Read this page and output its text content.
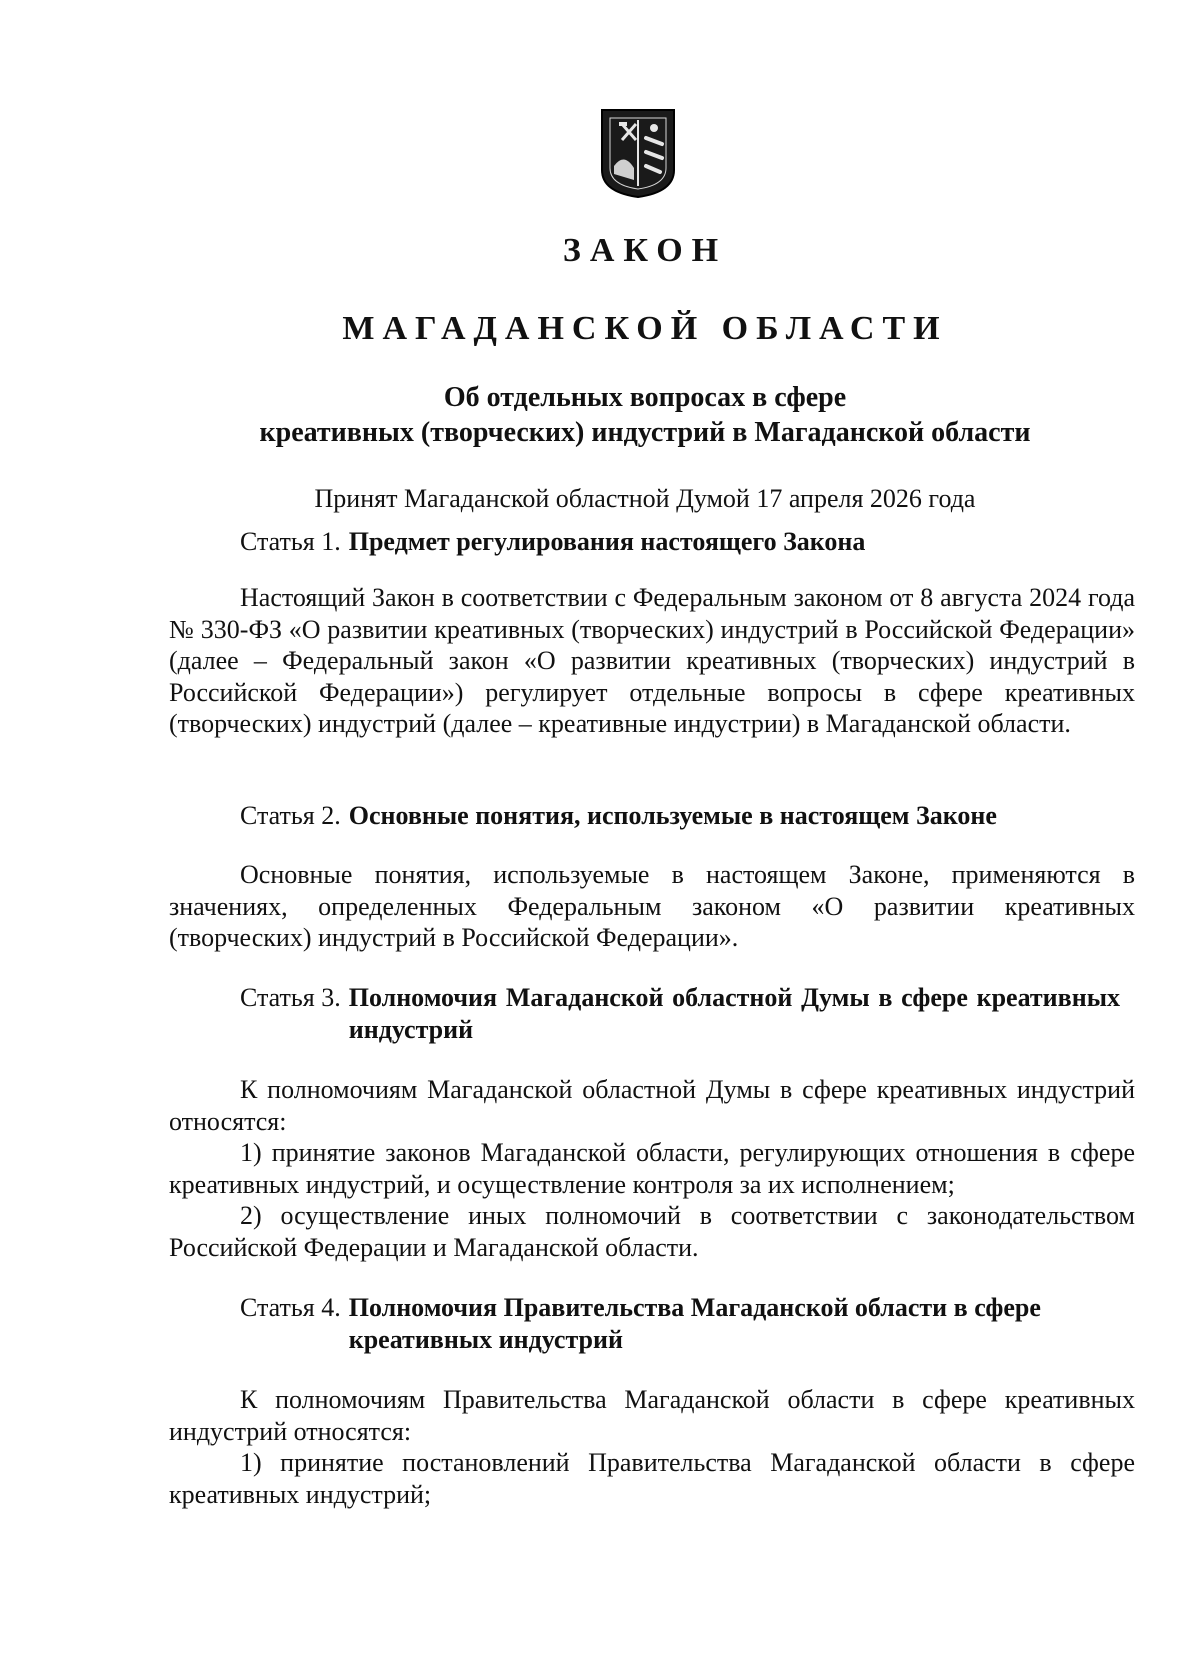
ЗАКОН
МАГАДАНСКОЙ ОБЛАСТИ
Об отдельных вопросах в сфере
креативных (творческих) индустрий в Магаданской области
Принят Магаданской областной Думой 17 апреля 2026 года
Статья 1. Предмет регулирования настоящего Закона

Настоящий Закон в соответствии с Федеральным законом от 8 августа 2024 года № 330-ФЗ «О развитии креативных (творческих) индустрий в Российской Федерации» (далее – Федеральный закон «О развитии креативных (творческих) индустрий в Российской Федерации») регулирует отдельные вопросы в сфере креативных (творческих) индустрий (далее – креативные индустрии) в Магаданской области.

Статья 2. Основные понятия, используемые в настоящем Законе

Основные понятия, используемые в настоящем Законе, применяются в значениях, определенных Федеральным законом «О развитии креативных (творческих) индустрий в Российской Федерации».

Статья 3. Полномочия Магаданской областной Думы в сфере креативных индустрий

К полномочиям Магаданской областной Думы в сфере креативных индустрий относятся:

1) принятие законов Магаданской области, регулирующих отношения в сфере креативных индустрий, и осуществление контроля за их исполнением;

2) осуществление иных полномочий в соответствии с законодательством Российской Федерации и Магаданской области.

Статья 4. Полномочия Правительства Магаданской области в сфере креативных индустрий

К полномочиям Правительства Магаданской области в сфере креативных индустрий относятся:

1) принятие постановлений Правительства Магаданской области в сфере креативных индустрий;
